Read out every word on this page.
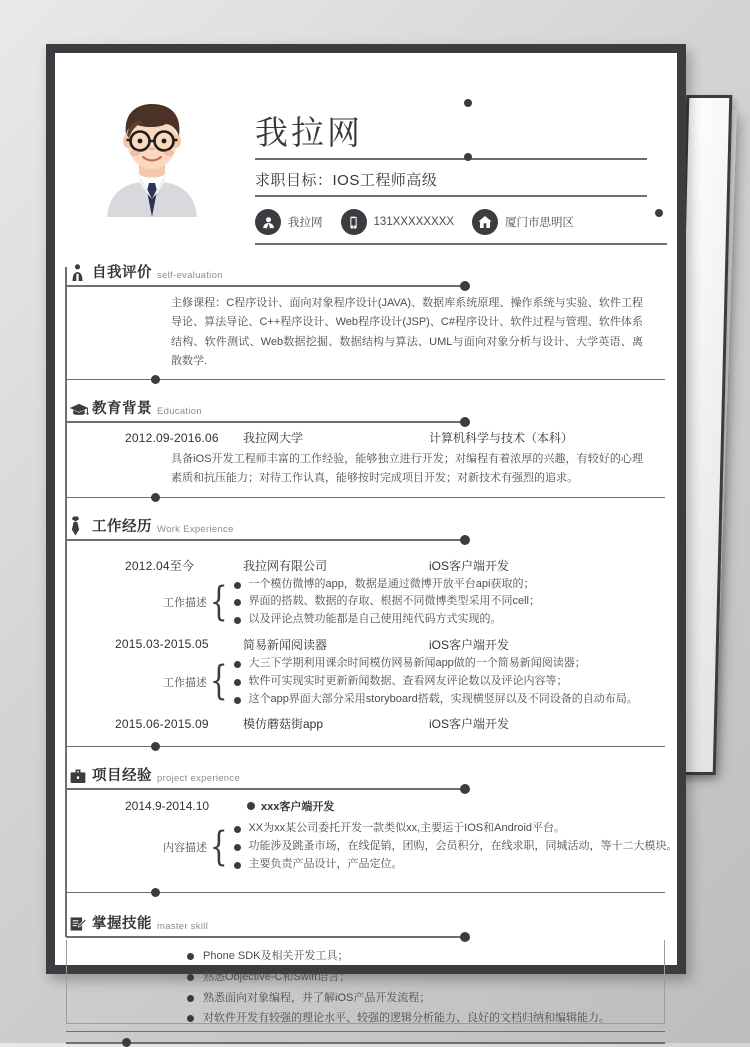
我拉网
求职目标：IOS工程师高级
我拉网	131XXXXXXXX	厦门市思明区
自我评价 self-evaluation
主修课程：C程序设计、面向对象程序设计(JAVA)、数据库系统原理、操作系统与实验、软件工程导论、算法导论、C++程序设计、Web程序设计(JSP)、C#程序设计、软件过程与管理、软件体系结构、软件测试、Web数据挖掘、数据结构与算法、UML与面向对象分析与设计、大学英语、离散数学.
教育背景 Education
2012.09-2016.06	我拉网大学	计算机科学与技术（本科）
具备iOS开发工程师丰富的工作经验，能够独立进行开发；对编程有着浓厚的兴趣，有较好的心理素质和抗压能力；对待工作认真，能够按时完成项目开发；对新技术有强烈的追求。
工作经历 Work Experience
2012.04至今	我拉网有限公司	iOS客户端开发
工作描述 {	一个模仿微博的app，数据是通过微博开放平台api获取的；
界面的搭载、数据的存取、根据不同微博类型采用不同cell；
以及评论点赞功能都是自己使用纯代码方式实现的。
2015.03-2015.05	简易新闻阅读器	iOS客户端开发
工作描述 {	大三下学期利用课余时间模仿网易新闻app做的一个简易新闻阅读器；
软件可实现实时更新新闻数据、查看网友评论数以及评论内容等；
这个app界面大部分采用storyboard搭载，实现横竖屏以及不同设备的自动布局。
2015.06-2015.09	模仿蘑菇街app	iOS客户端开发
项目经验 project experience
2014.9-2014.10	xxx客户端开发
内容描述 {	XX为xx某公司委托开发一款类似xx,主要运于IOS和Android平台。
功能涉及跳蚤市场，在线促销，团购，会员积分，在线求职，同城活动，等十二大模块。
主要负责产品设计，产品定位。
掌握技能 master skill
Phone SDK及相关开发工具；
熟悉Objective-C和Swift语言；
熟悉面向对象编程，并了解iOS产品开发流程；
对软件开发有较强的理论水平、较强的逻辑分析能力、良好的文档归纳和编辑能力。
